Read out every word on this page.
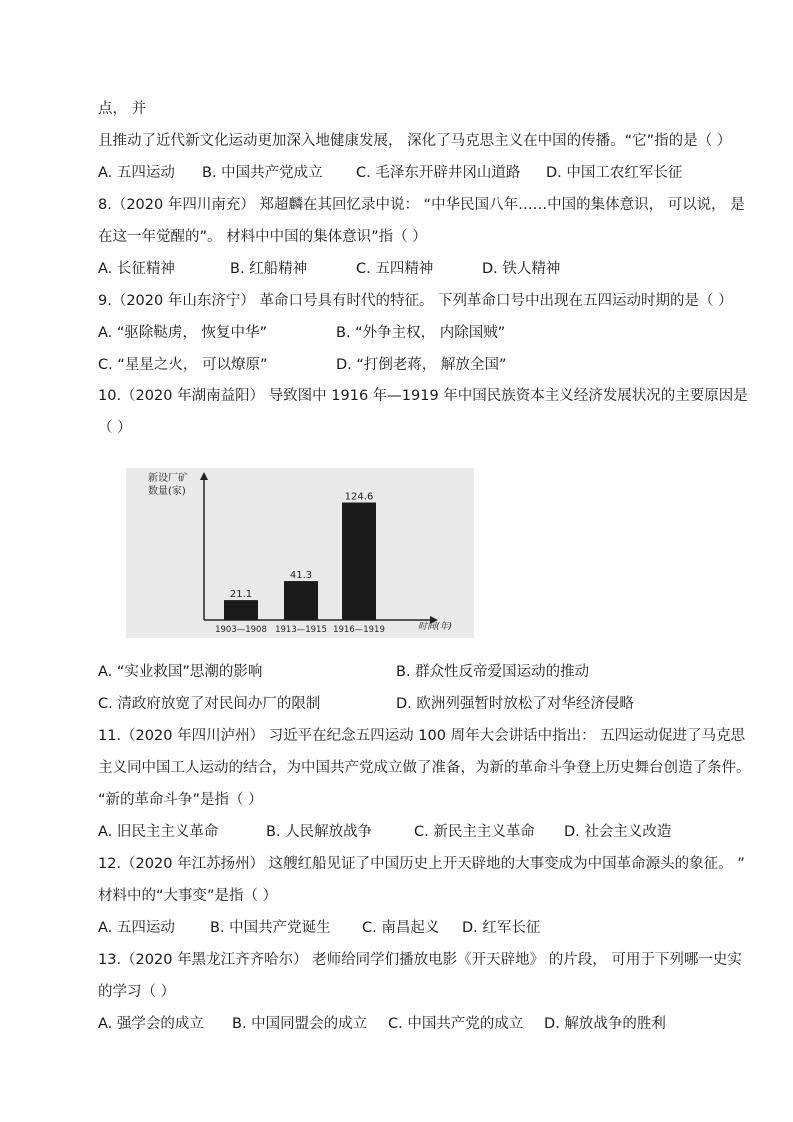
点， 并
且推动了近代新文化运动更加深入地健康发展， 深化了马克思主义在中国的传播。“它”指的是（ ）
A. 五四运动 B. 中国共产党成立 C. 毛泽东开辟井冈山道路 D. 中国工农红军长征
8.（2020 年四川南充） 郑超麟在其回忆录中说： “中华民国八年……中国的集体意识， 可以说， 是
在这一年觉醒的”。 材料中中国的集体意识”指（ ）
A. 长征精神	B. 红船精神	C. 五四精神	D. 铁人精神
9.（2020 年山东济宁） 革命口号具有时代的特征。 下列革命口号中出现在五四运动时期的是（ ）
A. “驱除鞑虏， 恢复中华”	B. “外争主权， 内除国贼”
C. “星星之火， 可以燎原”	D. “打倒老蒋， 解放全国”
10.（2020 年湖南益阳） 导致图中 1916 年—1919 年中国民族资本主义经济发展状况的主要原因是
（ ）
新设厂矿
数量(家)
时间(年)
21.1
1903—1908
41.3
1913—1915
124.6
1916—1919
A. “实业救国”思潮的影响	B. 群众性反帝爱国运动的推动
C. 清政府放宽了对民间办厂的限制	D. 欧洲列强暂时放松了对华经济侵略
11.（2020 年四川泸州） 习近平在纪念五四运动 100 周年大会讲话中指出： 五四运动促进了马克思
主义同中国工人运动的结合，为中国共产党成立做了准备，为新的革命斗争登上历史舞台创造了条件。
“新的革命斗争”是指（ ）
A. 旧民主主义革命	B. 人民解放战争	C. 新民主主义革命 D. 社会主义改造
12.（2020 年江苏扬州） 这艘红船见证了中国历史上开天辟地的大事变成为中国革命源头的象征。 ”
材料中的“大事变”是指（ ）
A. 五四运动 B. 中国共产党诞生 C. 南昌起义 D. 红军长征
13.（2020 年黑龙江齐齐哈尔） 老师给同学们播放电影《开天辟地》 的片段， 可用于下列哪一史实
的学习（ ）
A. 强学会的成立 B. 中国同盟会的成立 C. 中国共产党的成立 D. 解放战争的胜利
